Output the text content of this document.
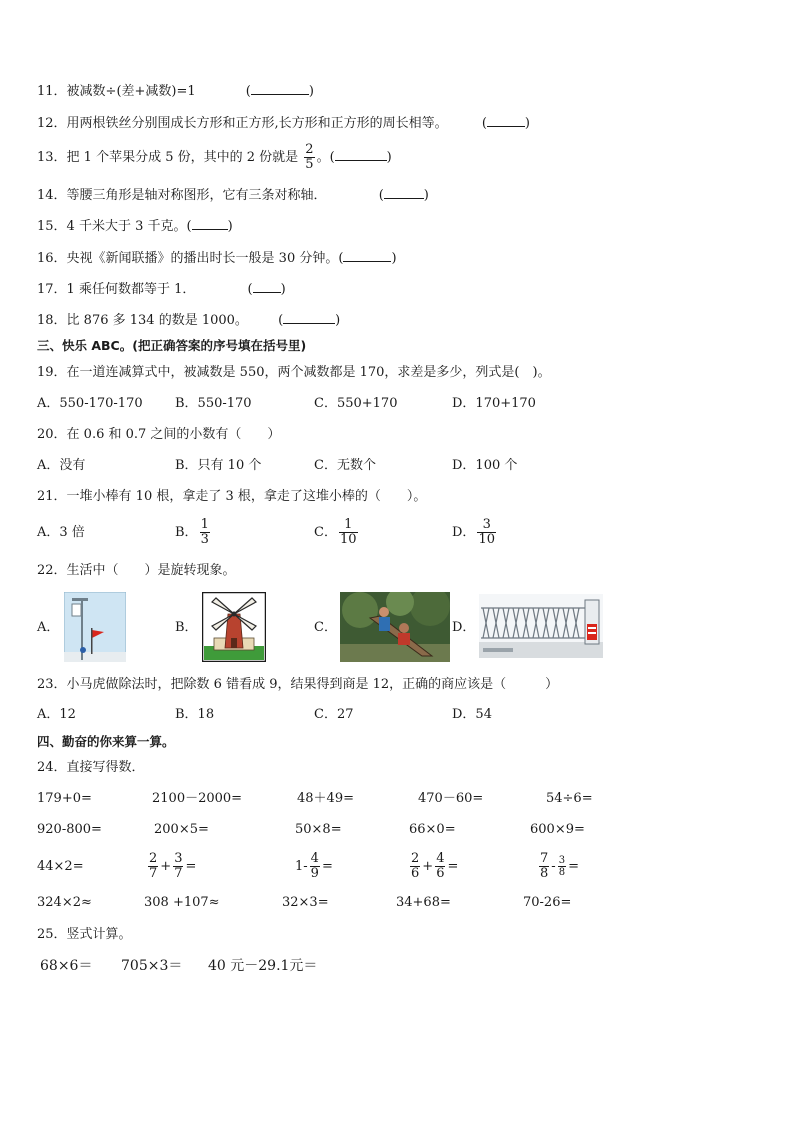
11．被减数÷(差+减数)=1	(	)
12．用两根铁丝分别围成长方形和正方形,长方形和正方形的周长相等。	(	)
13．把 1 个苹果分成 5 份，其中的 2 份就是 $\frac{2}{5}$ 。(	)
14．等腰三角形是轴对称图形，它有三条对称轴．	(	)
15．4 千米大于 3 千克。(	)
16．央视《新闻联播》的播出时长一般是 30 分钟。(	)
17．1 乘任何数都等于 1．	( )
18．比 876 多 134 的数是 1000。 (	)
三、快乐 ABC。(把正确答案的序号填在括号里)
19．在一道连减算式中，被减数是 550，两个减数都是 170，求差是多少，列式是(　)。
A．550-170-170 B．550-170	C．550+170	D．170+170
20．在 0.6 和 0.7 之间的小数有（　　）
A．没有	B．只有 10 个	C．无数个	D．100 个
21．一堆小棒有 10 根，拿走了 3 根，拿走了这堆小棒的（　　）。
A．3 倍	B． $\frac{1}{3}$	C． $\frac{1}{10}$	D． $\frac{3}{10}$
22．生活中（　　）是旋转现象。
A．	B．	C．	D．
23．小马虎做除法时，把除数 6 错看成 9，结果得到商是 12，正确的商应该是（　　　）
A．12	B．18	C．27	D．54
四、勤奋的你来算一算。
24．直接写得数．
179+0=	2100－2000=	48＋49=	470－60=	54÷6=
920-800=	200×5=	50×8=	66×0=	600×9=
44×2=	$\frac{2}{7} + \frac{3}{7}$ =	$1- \frac{4}{9}$ =	$\frac{2}{6} + \frac{4}{6}$ =	$\frac{7}{8} - \frac{3}{8}$ =
324×2≈	308 +107≈	32×3=	34+68=	70-26=
25．竖式计算。
68×6＝ 705×3＝ 40 元－29.1元＝
